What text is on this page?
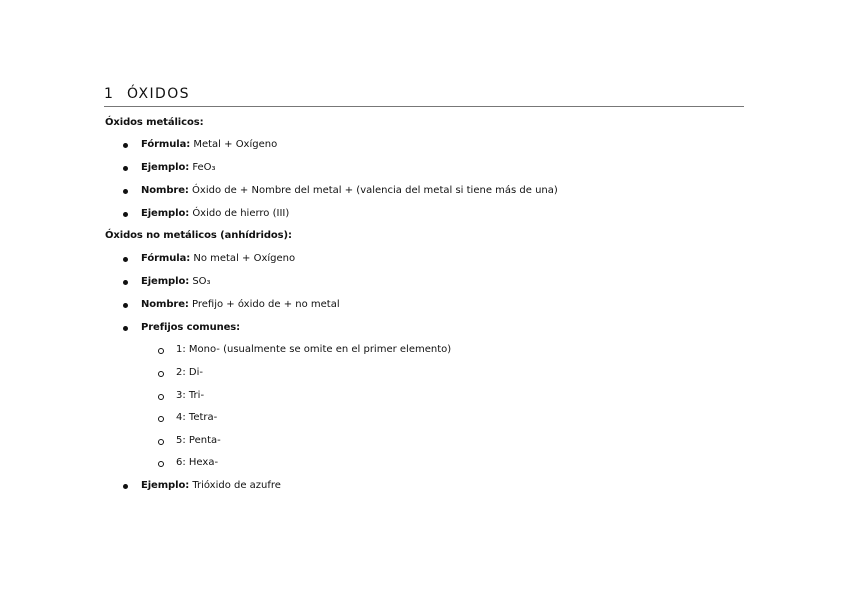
1 ÓXIDOS
Óxidos metálicos:
Fórmula: Metal + Oxígeno
Ejemplo: FeO₃
Nombre: Óxido de + Nombre del metal + (valencia del metal si tiene más de una)
Ejemplo: Óxido de hierro (III)
Óxidos no metálicos (anhídridos):
Fórmula: No metal + Oxígeno
Ejemplo: SO₃
Nombre: Prefijo + óxido de + no metal
Prefijos comunes:
1: Mono- (usualmente se omite en el primer elemento)
2: Di-
3: Tri-
4: Tetra-
5: Penta-
6: Hexa-
Ejemplo: Trióxido de azufre
